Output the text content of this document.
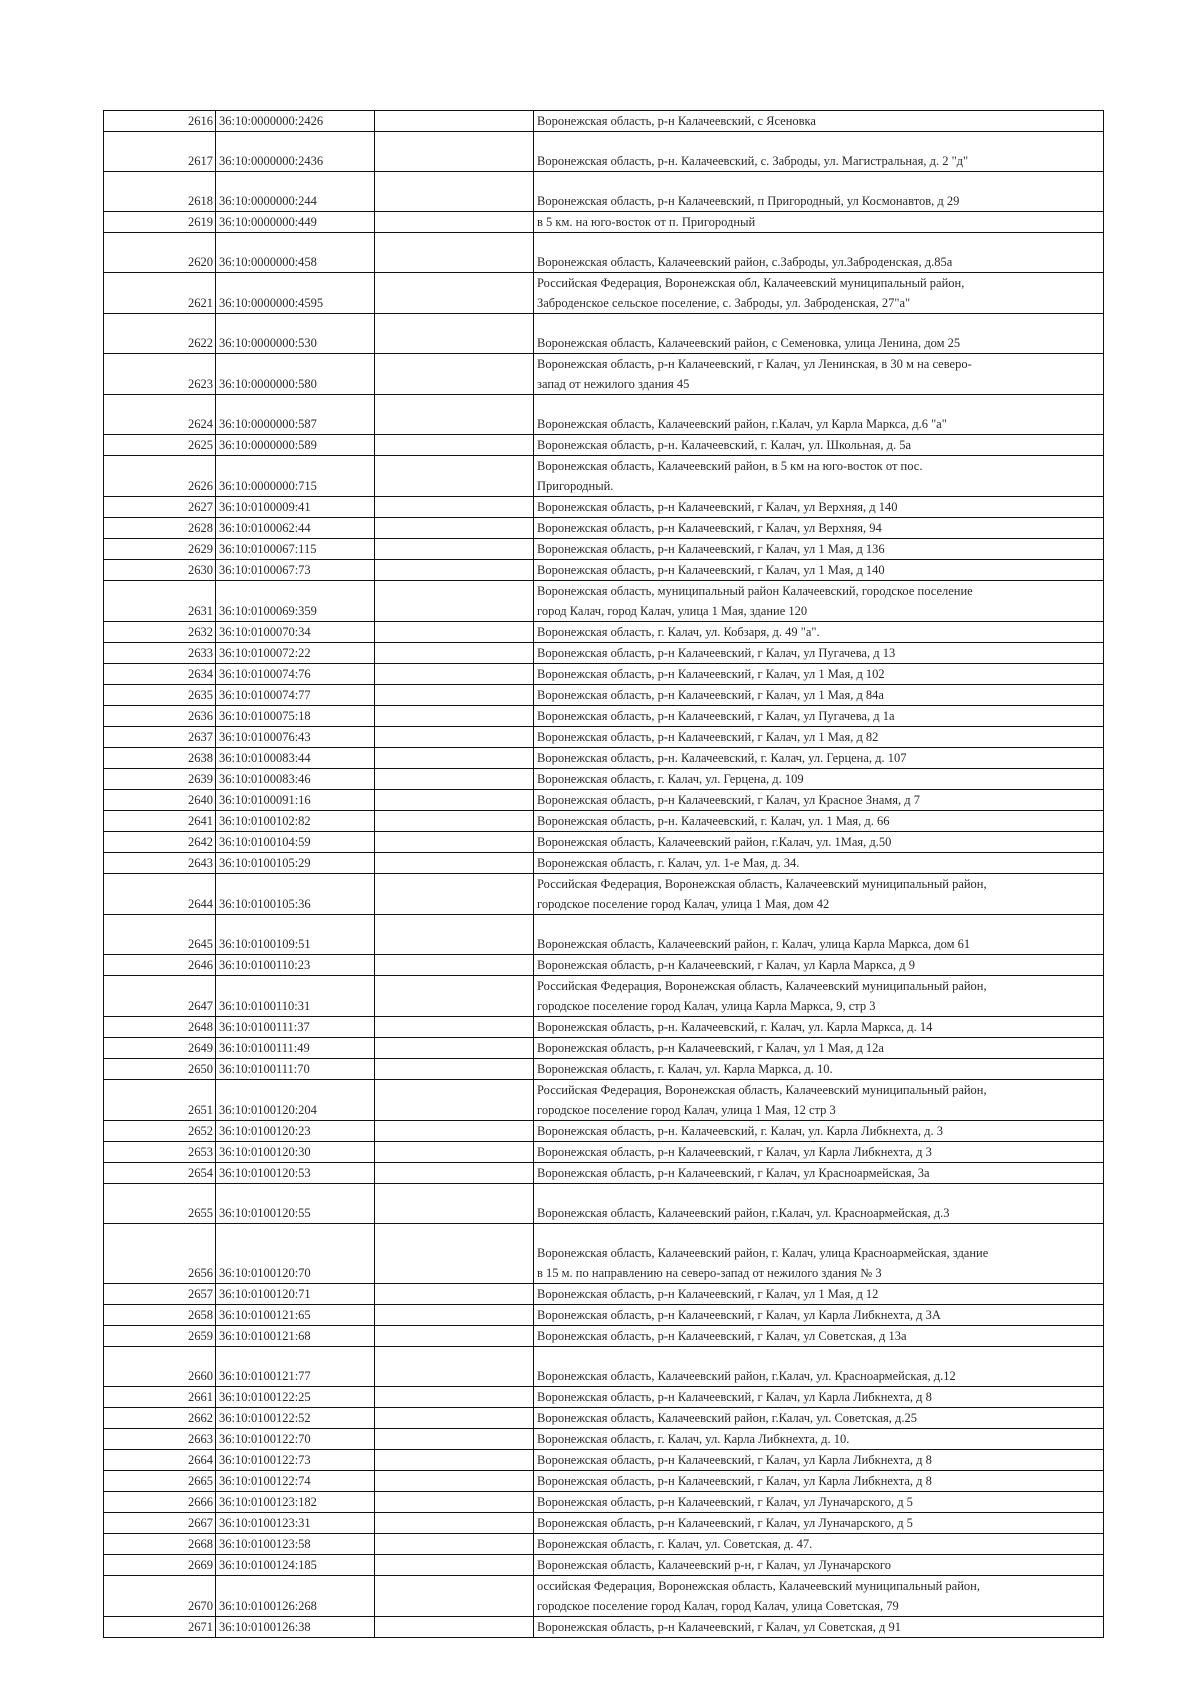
2616	36:10:0000000:2426		Воронежская область, р-н Калачеевский, с Ясеновка

2617	36:10:0000000:2436		Воронежская область, р-н. Калачеевский, с. Заброды, ул. Магистральная, д. 2 "д"

2618	36:10:0000000:244		Воронежская область, р-н Калачеевский, п Пригородный, ул Космонавтов, д 29

2619	36:10:0000000:449		в 5 км. на юго-восток от п. Пригородный

2620	36:10:0000000:458		Воронежская область, Калачеевский район, с.Заброды, ул.Заброденская, д.85а

2621	36:10:0000000:4595		Российская Федерация, Воронежская обл, Калачеевский муниципальный район,
Заброденское сельское поселение, с. Заброды, ул. Заброденская, 27"а"

2622	36:10:0000000:530		Воронежская область, Калачеевский район, с Семеновка, улица Ленина, дом 25

2623	36:10:0000000:580		Воронежская область, р-н Калачеевский, г Калач, ул Ленинская, в 30 м на северо-
запад от нежилого здания 45

2624	36:10:0000000:587		Воронежская область, Калачеевский район, г.Калач, ул Карла Маркса, д.6 "а"

2625	36:10:0000000:589		Воронежская область, р-н. Калачеевский, г. Калач, ул. Школьная, д. 5а

2626	36:10:0000000:715		Воронежская область, Калачеевский район, в 5 км на юго-восток от пос.
Пригородный.

2627	36:10:0100009:41		Воронежская область, р-н Калачеевский, г Калач, ул Верхняя, д 140

2628	36:10:0100062:44		Воронежская область, р-н Калачеевский, г Калач, ул Верхняя, 94

2629	36:10:0100067:115		Воронежская область, р-н Калачеевский, г Калач, ул 1 Мая, д 136

2630	36:10:0100067:73		Воронежская область, р-н Калачеевский, г Калач, ул 1 Мая, д 140

2631	36:10:0100069:359		Воронежская область, муниципальный район Калачеевский, городское поселение
город Калач, город Калач, улица 1 Мая, здание 120

2632	36:10:0100070:34		Воронежская область, г. Калач, ул. Кобзаря, д. 49 "а".

2633	36:10:0100072:22		Воронежская область, р-н Калачеевский, г Калач, ул Пугачева, д 13

2634	36:10:0100074:76		Воронежская область, р-н Калачеевский, г Калач, ул 1 Мая, д 102

2635	36:10:0100074:77		Воронежская область, р-н Калачеевский, г Калач, ул 1 Мая, д 84а

2636	36:10:0100075:18		Воронежская область, р-н Калачеевский, г Калач, ул Пугачева, д 1а

2637	36:10:0100076:43		Воронежская область, р-н Калачеевский, г Калач, ул 1 Мая, д 82

2638	36:10:0100083:44		Воронежская область, р-н. Калачеевский, г. Калач, ул. Герцена, д. 107

2639	36:10:0100083:46		Воронежская область, г. Калач, ул. Герцена, д. 109

2640	36:10:0100091:16		Воронежская область, р-н Калачеевский, г Калач, ул Красное Знамя, д 7

2641	36:10:0100102:82		Воронежская область, р-н. Калачеевский, г. Калач, ул. 1 Мая, д. 66

2642	36:10:0100104:59		Воронежская область, Калачеевский район, г.Калач, ул. 1Мая, д.50

2643	36:10:0100105:29		Воронежская область, г. Калач, ул. 1-е Мая, д. 34.

2644	36:10:0100105:36		Российская Федерация, Воронежская область, Калачеевский муниципальный район,
городское поселение город Калач, улица 1 Мая, дом 42

2645	36:10:0100109:51		Воронежская область, Калачеевский район, г. Калач, улица Карла Маркса, дом 61

2646	36:10:0100110:23		Воронежская область, р-н Калачеевский, г Калач, ул Карла Маркса, д 9

2647	36:10:0100110:31		Российская Федерация, Воронежская область, Калачеевский муниципальный район,
городское поселение город Калач, улица Карла Маркса, 9, стр 3

2648	36:10:0100111:37		Воронежская область, р-н. Калачеевский, г. Калач, ул. Карла Маркса, д. 14

2649	36:10:0100111:49		Воронежская область, р-н Калачеевский, г Калач, ул 1 Мая, д 12а

2650	36:10:0100111:70		Воронежская область, г. Калач, ул. Карла Маркса, д. 10.

2651	36:10:0100120:204		Российская Федерация, Воронежская область, Калачеевский муниципальный район,
городское поселение город Калач, улица 1 Мая, 12 стр 3

2652	36:10:0100120:23		Воронежская область, р-н. Калачеевский, г. Калач, ул. Карла Либкнехта, д. 3

2653	36:10:0100120:30		Воронежская область, р-н Калачеевский, г Калач, ул Карла Либкнехта, д 3

2654	36:10:0100120:53		Воронежская область, р-н Калачеевский, г Калач, ул Красноармейская, 3а

2655	36:10:0100120:55		Воронежская область, Калачеевский район, г.Калач, ул. Красноармейская, д.3

2656	36:10:0100120:70		Воронежская область, Калачеевский район, г. Калач, улица Красноармейская, здание
в 15 м. по направлению на северо-запад от нежилого здания № 3

2657	36:10:0100120:71		Воронежская область, р-н Калачеевский, г Калач, ул 1 Мая, д 12

2658	36:10:0100121:65		Воронежская область, р-н Калачеевский, г Калач, ул Карла Либкнехта, д 3А

2659	36:10:0100121:68		Воронежская область, р-н Калачеевский, г Калач, ул Советская, д 13а

2660	36:10:0100121:77		Воронежская область, Калачеевский район, г.Калач, ул. Красноармейская, д.12

2661	36:10:0100122:25		Воронежская область, р-н Калачеевский, г Калач, ул Карла Либкнехта, д 8

2662	36:10:0100122:52		Воронежская область, Калачеевский район, г.Калач, ул. Советская, д.25

2663	36:10:0100122:70		Воронежская область, г. Калач, ул. Карла Либкнехта, д. 10.

2664	36:10:0100122:73		Воронежская область, р-н Калачеевский, г Калач, ул Карла Либкнехта, д 8

2665	36:10:0100122:74		Воронежская область, р-н Калачеевский, г Калач, ул Карла Либкнехта, д 8

2666	36:10:0100123:182		Воронежская область, р-н Калачеевский, г Калач, ул Луначарского, д 5

2667	36:10:0100123:31		Воронежская область, р-н Калачеевский, г Калач, ул Луначарского, д 5

2668	36:10:0100123:58		Воронежская область, г. Калач, ул. Советская, д. 47.

2669	36:10:0100124:185		Воронежская область, Калачеевский р-н, г Калач, ул Луначарского

2670	36:10:0100126:268		оссийская Федерация, Воронежская область, Калачеевский муниципальный район,
городское поселение город Калач, город Калач, улица Советская, 79

2671	36:10:0100126:38		Воронежская область, р-н Калачеевский, г Калач, ул Советская, д 91
